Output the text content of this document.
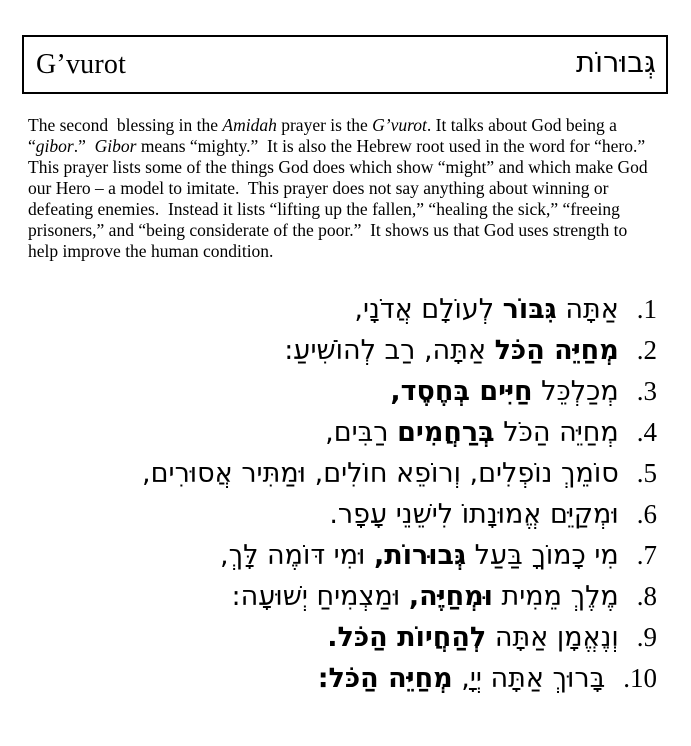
G’vurot	גְּבוּרוֹת

The second  blessing in the Amidah prayer is the G’vurot. It talks about God being a “gibor.”  Gibor means “mighty.”  It is also the Hebrew root used in the word for “hero.”  This prayer lists some of the things God does which show “might” and which make God our Hero – a model to imitate.  This prayer does not say anything about winning or defeating enemies.  Instead it lists “lifting up the fallen,” “healing the sick,” “freeing prisoners,” and “being considerate of the poor.”  It shows us that God uses strength to help improve the human condition.

1.אַתָּה גִּבּוֹר לְעוֹלָם אֲדֹנָי,
2.מְחַיֵּה הַכֹּל אַתָּה, רַב לְהוֹשִׁיעַ:
3.מְכַלְכֵּל חַיִּים בְּחֶסֶד,
4.מְחַיֵּה הַכֹּל בְּרַחֲמִים רַבִּים,
5.סוֹמֵךְ נוֹפְלִים, וְרוֹפֵא חוֹלִים, וּמַתִּיר אֲסוּרִים,
6.וּמְקַיֵּם אֱמוּנָתוֹ לִישֵׁנֵי עָפָר.
7.מִי כָמוֹךָ בַּעַל גְּבוּרוֹת, וּמִי דּוֹמֶה לָּךְ,
8.מֶלֶךְ מֵמִית וּמְחַיֶּה, וּמַצְמִיחַ יְשׁוּעָה:
9.וְנֶאֱמָן אַתָּה לְהַחֲיוֹת הַכֹּל.
10.בָּרוּךְ אַתָּה יְיָ, מְחַיֵּה הַכֹּל:
